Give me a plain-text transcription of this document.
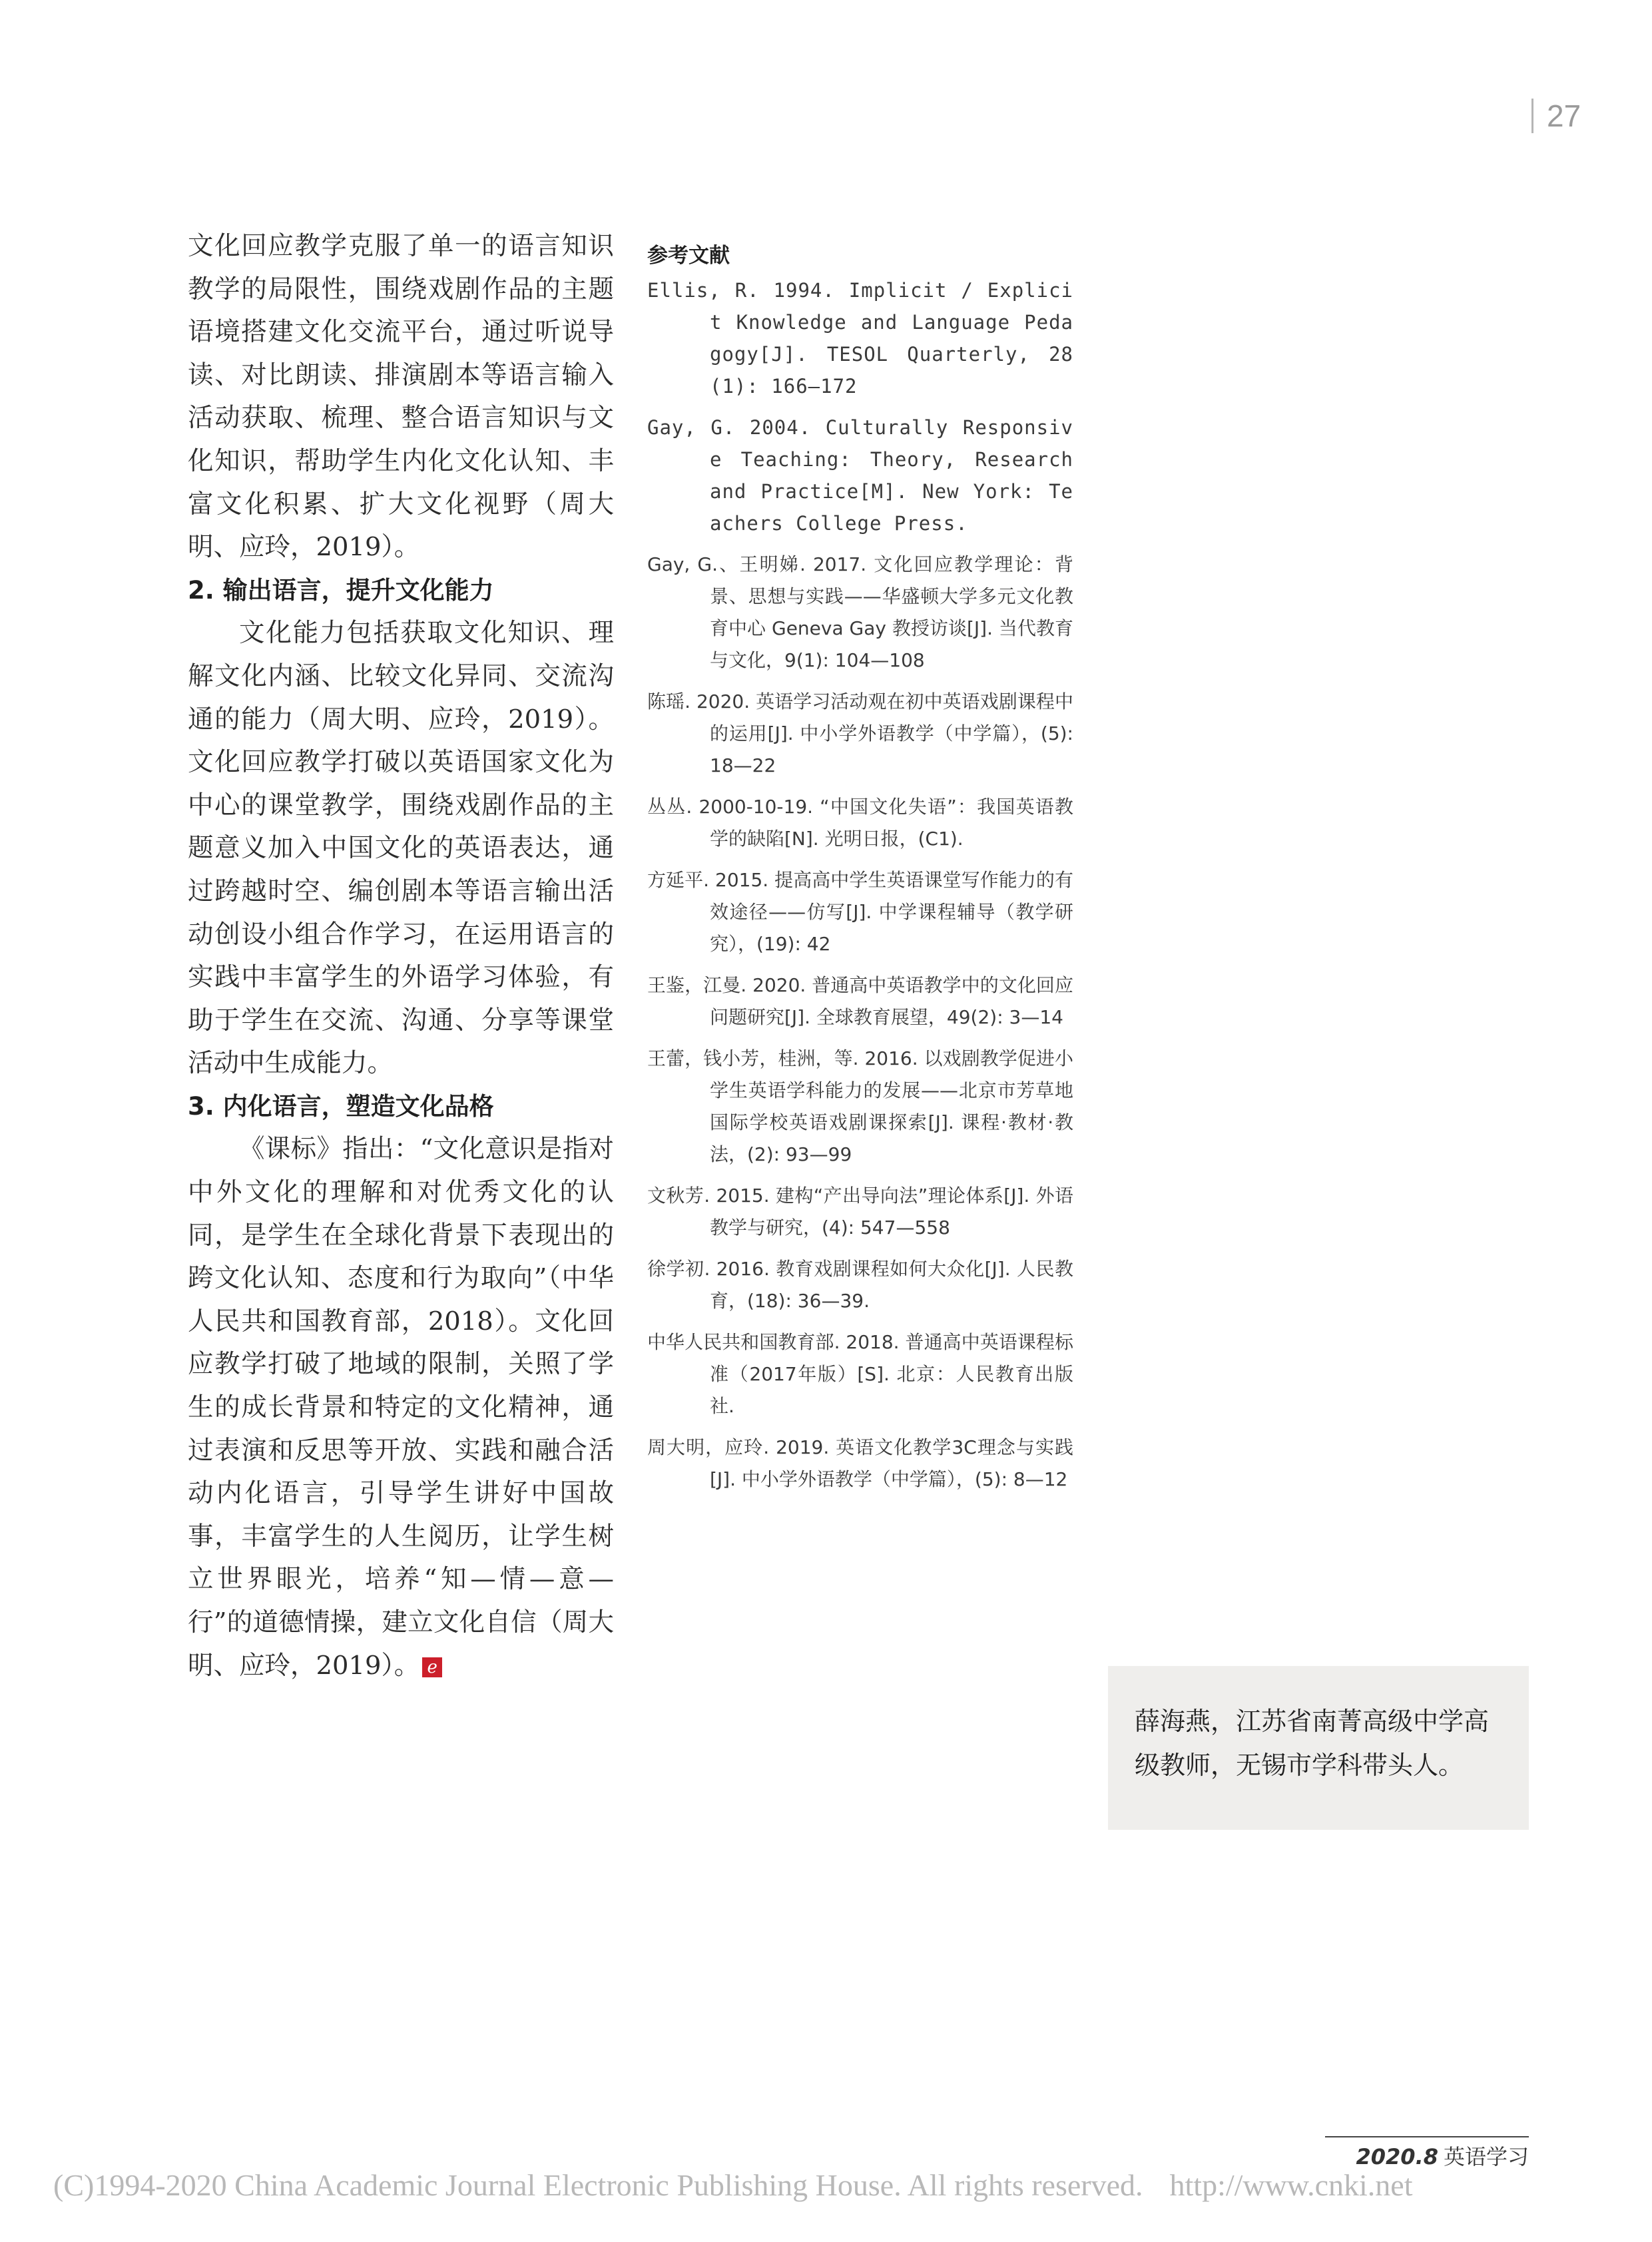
27

文化回应教学克服了单一的语言知识教学的局限性，围绕戏剧作品的主题语境搭建文化交流平台，通过听说导读、对比朗读、排演剧本等语言输入活动获取、梳理、整合语言知识与文化知识，帮助学生内化文化认知、丰富文化积累、扩大文化视野（周大明、应玲，2019）。

2. 输出语言，提升文化能力

文化能力包括获取文化知识、理解文化内涵、比较文化异同、交流沟通的能力（周大明、应玲，2019）。文化回应教学打破以英语国家文化为中心的课堂教学，围绕戏剧作品的主题意义加入中国文化的英语表达，通过跨越时空、编创剧本等语言输出活动创设小组合作学习，在运用语言的实践中丰富学生的外语学习体验，有助于学生在交流、沟通、分享等课堂活动中生成能力。

3. 内化语言，塑造文化品格

《课标》指出：“文化意识是指对中外文化的理解和对优秀文化的认同，是学生在全球化背景下表现出的跨文化认知、态度和行为取向”（中华人民共和国教育部，2018）。文化回应教学打破了地域的限制，关照了学生的成长背景和特定的文化精神，通过表演和反思等开放、实践和融合活动内化语言，引导学生讲好中国故事，丰富学生的人生阅历，让学生树立世界眼光，培养“知—情—意—行”的道德情操，建立文化自信（周大明、应玲，2019）。 e

参考文献
Ellis, R. 1994. Implicit / Explicit Knowledge and Language Pedagogy[J]. TESOL Quarterly, 28(1): 166—172
Gay, G. 2004. Culturally Responsive Teaching: Theory, Research and Practice[M]. New York: Teachers College Press.
Gay, G.、王明娣. 2017. 文化回应教学理论：背景、思想与实践——华盛顿大学多元文化教育中心 Geneva Gay 教授访谈[J]. 当代教育与文化，9(1): 104—108
陈瑶. 2020. 英语学习活动观在初中英语戏剧课程中的运用[J]. 中小学外语教学（中学篇），(5): 18—22
丛丛. 2000-10-19. “中国文化失语”：我国英语教学的缺陷[N]. 光明日报，(C1).
方延平. 2015. 提高高中学生英语课堂写作能力的有效途径——仿写[J]. 中学课程辅导（教学研究），(19): 42
王鉴，江曼. 2020. 普通高中英语教学中的文化回应问题研究[J]. 全球教育展望，49(2): 3—14
王蕾，钱小芳，桂洲，等. 2016. 以戏剧教学促进小学生英语学科能力的发展——北京市芳草地国际学校英语戏剧课探索[J]. 课程·教材·教法，(2): 93—99
文秋芳. 2015. 建构“产出导向法”理论体系[J]. 外语教学与研究，(4): 547—558
徐学初. 2016. 教育戏剧课程如何大众化[J]. 人民教育，(18): 36—39.
中华人民共和国教育部. 2018. 普通高中英语课程标准（2017年版）[S]. 北京：人民教育出版社.
周大明，应玲. 2019. 英语文化教学3C理念与实践[J]. 中小学外语教学（中学篇），(5): 8—12
薛海燕，江苏省南菁高级中学高级教师，无锡市学科带头人。
2020.8 英语学习
(C)1994-2020 China Academic Journal Electronic Publishing House. All rights reserved. http://www.cnki.net
